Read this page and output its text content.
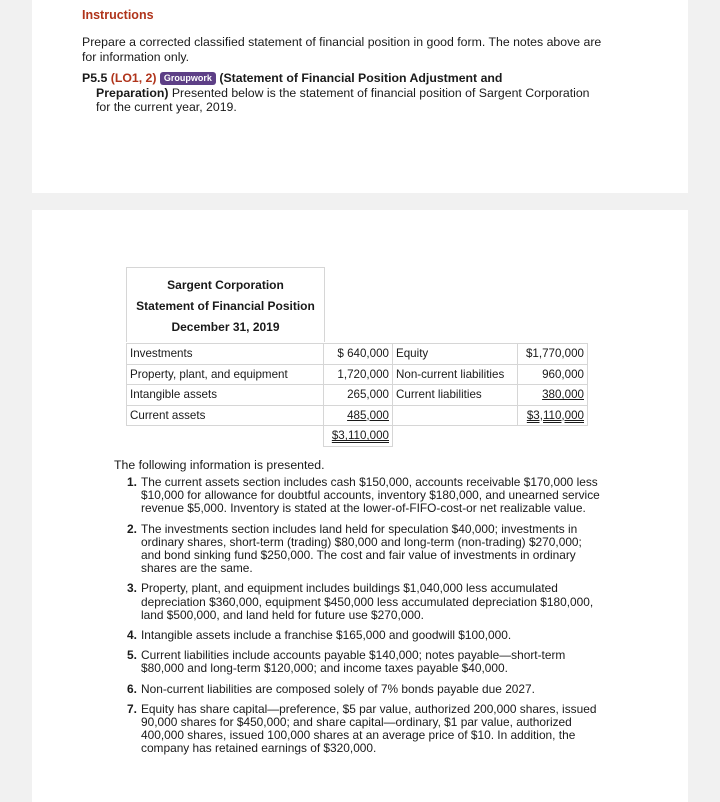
Instructions
Prepare a corrected classified statement of financial position in good form. The notes above are for information only.
P5.5 (LO1, 2) Groupwork (Statement of Financial Position Adjustment and
Preparation) Presented below is the statement of financial position of Sargent Corporation for the current year, 2019.
Sargent Corporation
Statement of Financial Position
December 31, 2019
Investments	$ 640,000	Equity	$1,770,000
Property, plant, and equipment	1,720,000	Non-current liabilities	960,000
Intangible assets	265,000	Current liabilities	380,000
Current assets	485,000		$3,110,000
	$3,110,000		
The following information is presented.
1. The current assets section includes cash $150,000, accounts receivable $170,000 less $10,000 for allowance for doubtful accounts, inventory $180,000, and unearned service revenue $5,000. Inventory is stated at the lower-of-FIFO-cost-or net realizable value.
2. The investments section includes land held for speculation $40,000; investments in ordinary shares, short-term (trading) $80,000 and long-term (non-trading) $270,000; and bond sinking fund $250,000. The cost and fair value of investments in ordinary shares are the same.
3. Property, plant, and equipment includes buildings $1,040,000 less accumulated depreciation $360,000, equipment $450,000 less accumulated depreciation $180,000, land $500,000, and land held for future use $270,000.
4. Intangible assets include a franchise $165,000 and goodwill $100,000.
5. Current liabilities include accounts payable $140,000; notes payable—short-term $80,000 and long-term $120,000; and income taxes payable $40,000.
6. Non-current liabilities are composed solely of 7% bonds payable due 2027.
7. Equity has share capital—preference, $5 par value, authorized 200,000 shares, issued 90,000 shares for $450,000; and share capital—ordinary, $1 par value, authorized 400,000 shares, issued 100,000 shares at an average price of $10. In addition, the company has retained earnings of $320,000.
